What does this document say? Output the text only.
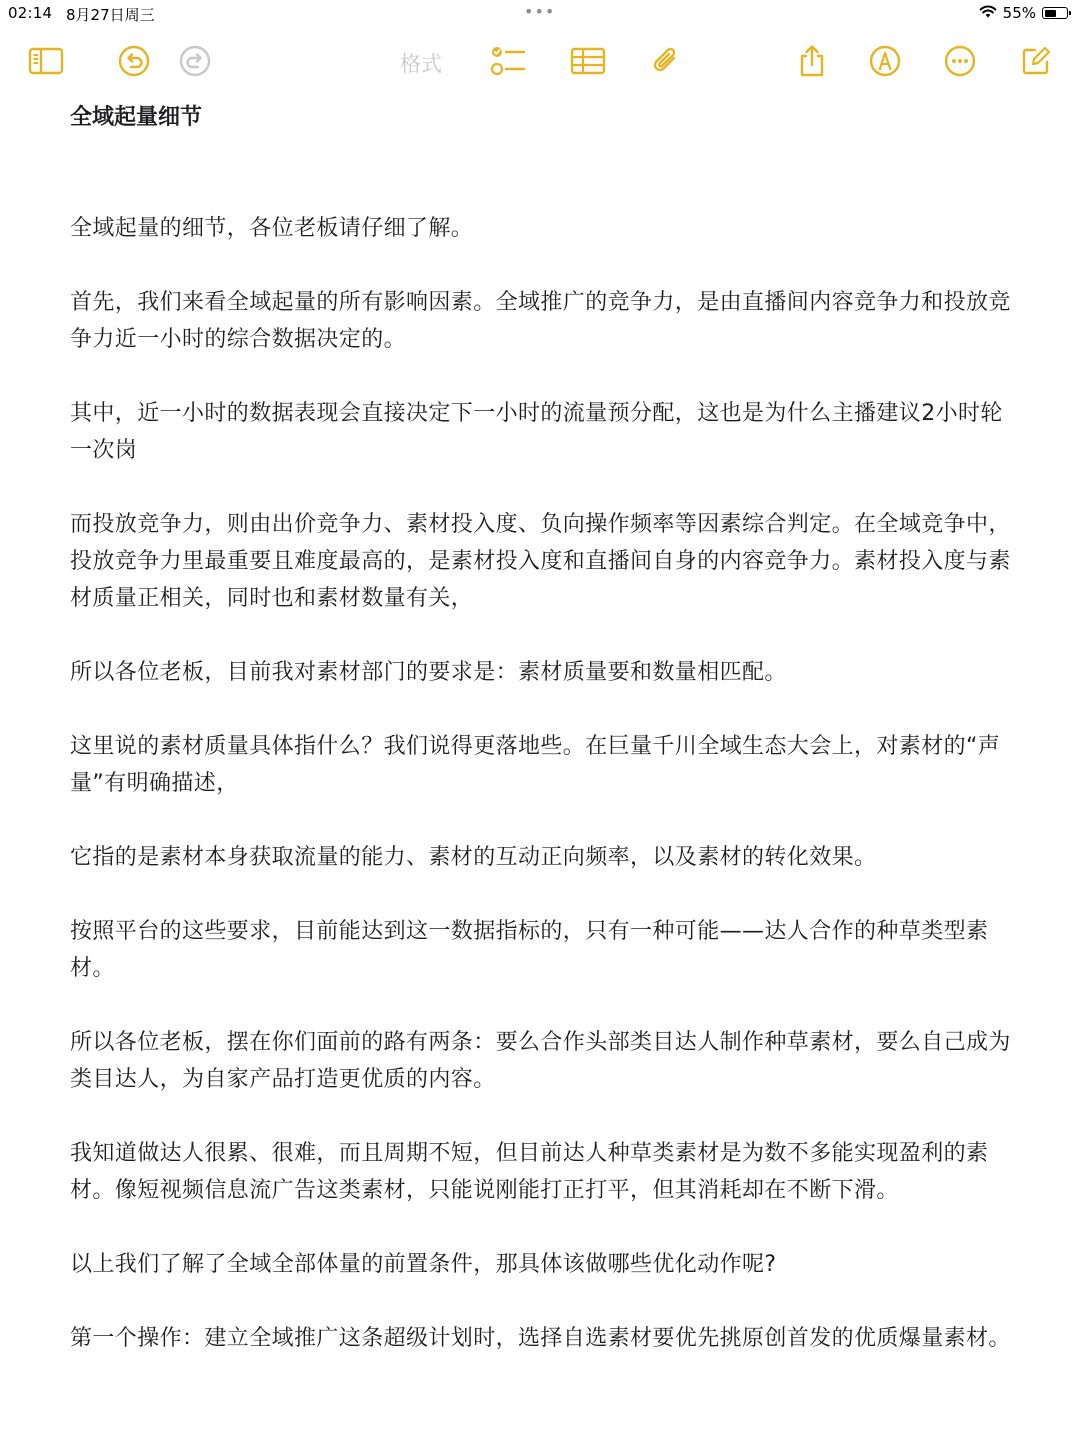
02:14 8月27日周三	•••	55%
格式
全域起量细节

全域起量的细节，各位老板请仔细了解。

首先，我们来看全域起量的所有影响因素。全域推广的竞争力，是由直播间内容竞争力和投放竞争力近一小时的综合数据决定的。

其中，近一小时的数据表现会直接决定下一小时的流量预分配，这也是为什么主播建议2小时轮一次岗

而投放竞争力，则由出价竞争力、素材投入度、负向操作频率等因素综合判定。在全域竞争中，投放竞争力里最重要且难度最高的，是素材投入度和直播间自身的内容竞争力。素材投入度与素材质量正相关，同时也和素材数量有关，

所以各位老板，目前我对素材部门的要求是：素材质量要和数量相匹配。

这里说的素材质量具体指什么？我们说得更落地些。在巨量千川全域生态大会上，对素材的“声量”有明确描述，

它指的是素材本身获取流量的能力、素材的互动正向频率，以及素材的转化效果。

按照平台的这些要求，目前能达到这一数据指标的，只有一种可能——达人合作的种草类型素材。

所以各位老板，摆在你们面前的路有两条：要么合作头部类目达人制作种草素材，要么自己成为类目达人，为自家产品打造更优质的内容。

我知道做达人很累、很难，而且周期不短，但目前达人种草类素材是为数不多能实现盈利的素材。像短视频信息流广告这类素材，只能说刚能打正打平，但其消耗却在不断下滑。

以上我们了解了全域全部体量的前置条件，那具体该做哪些优化动作呢?

第一个操作：建立全域推广这条超级计划时，选择自选素材要优先挑原创首发的优质爆量素材。
